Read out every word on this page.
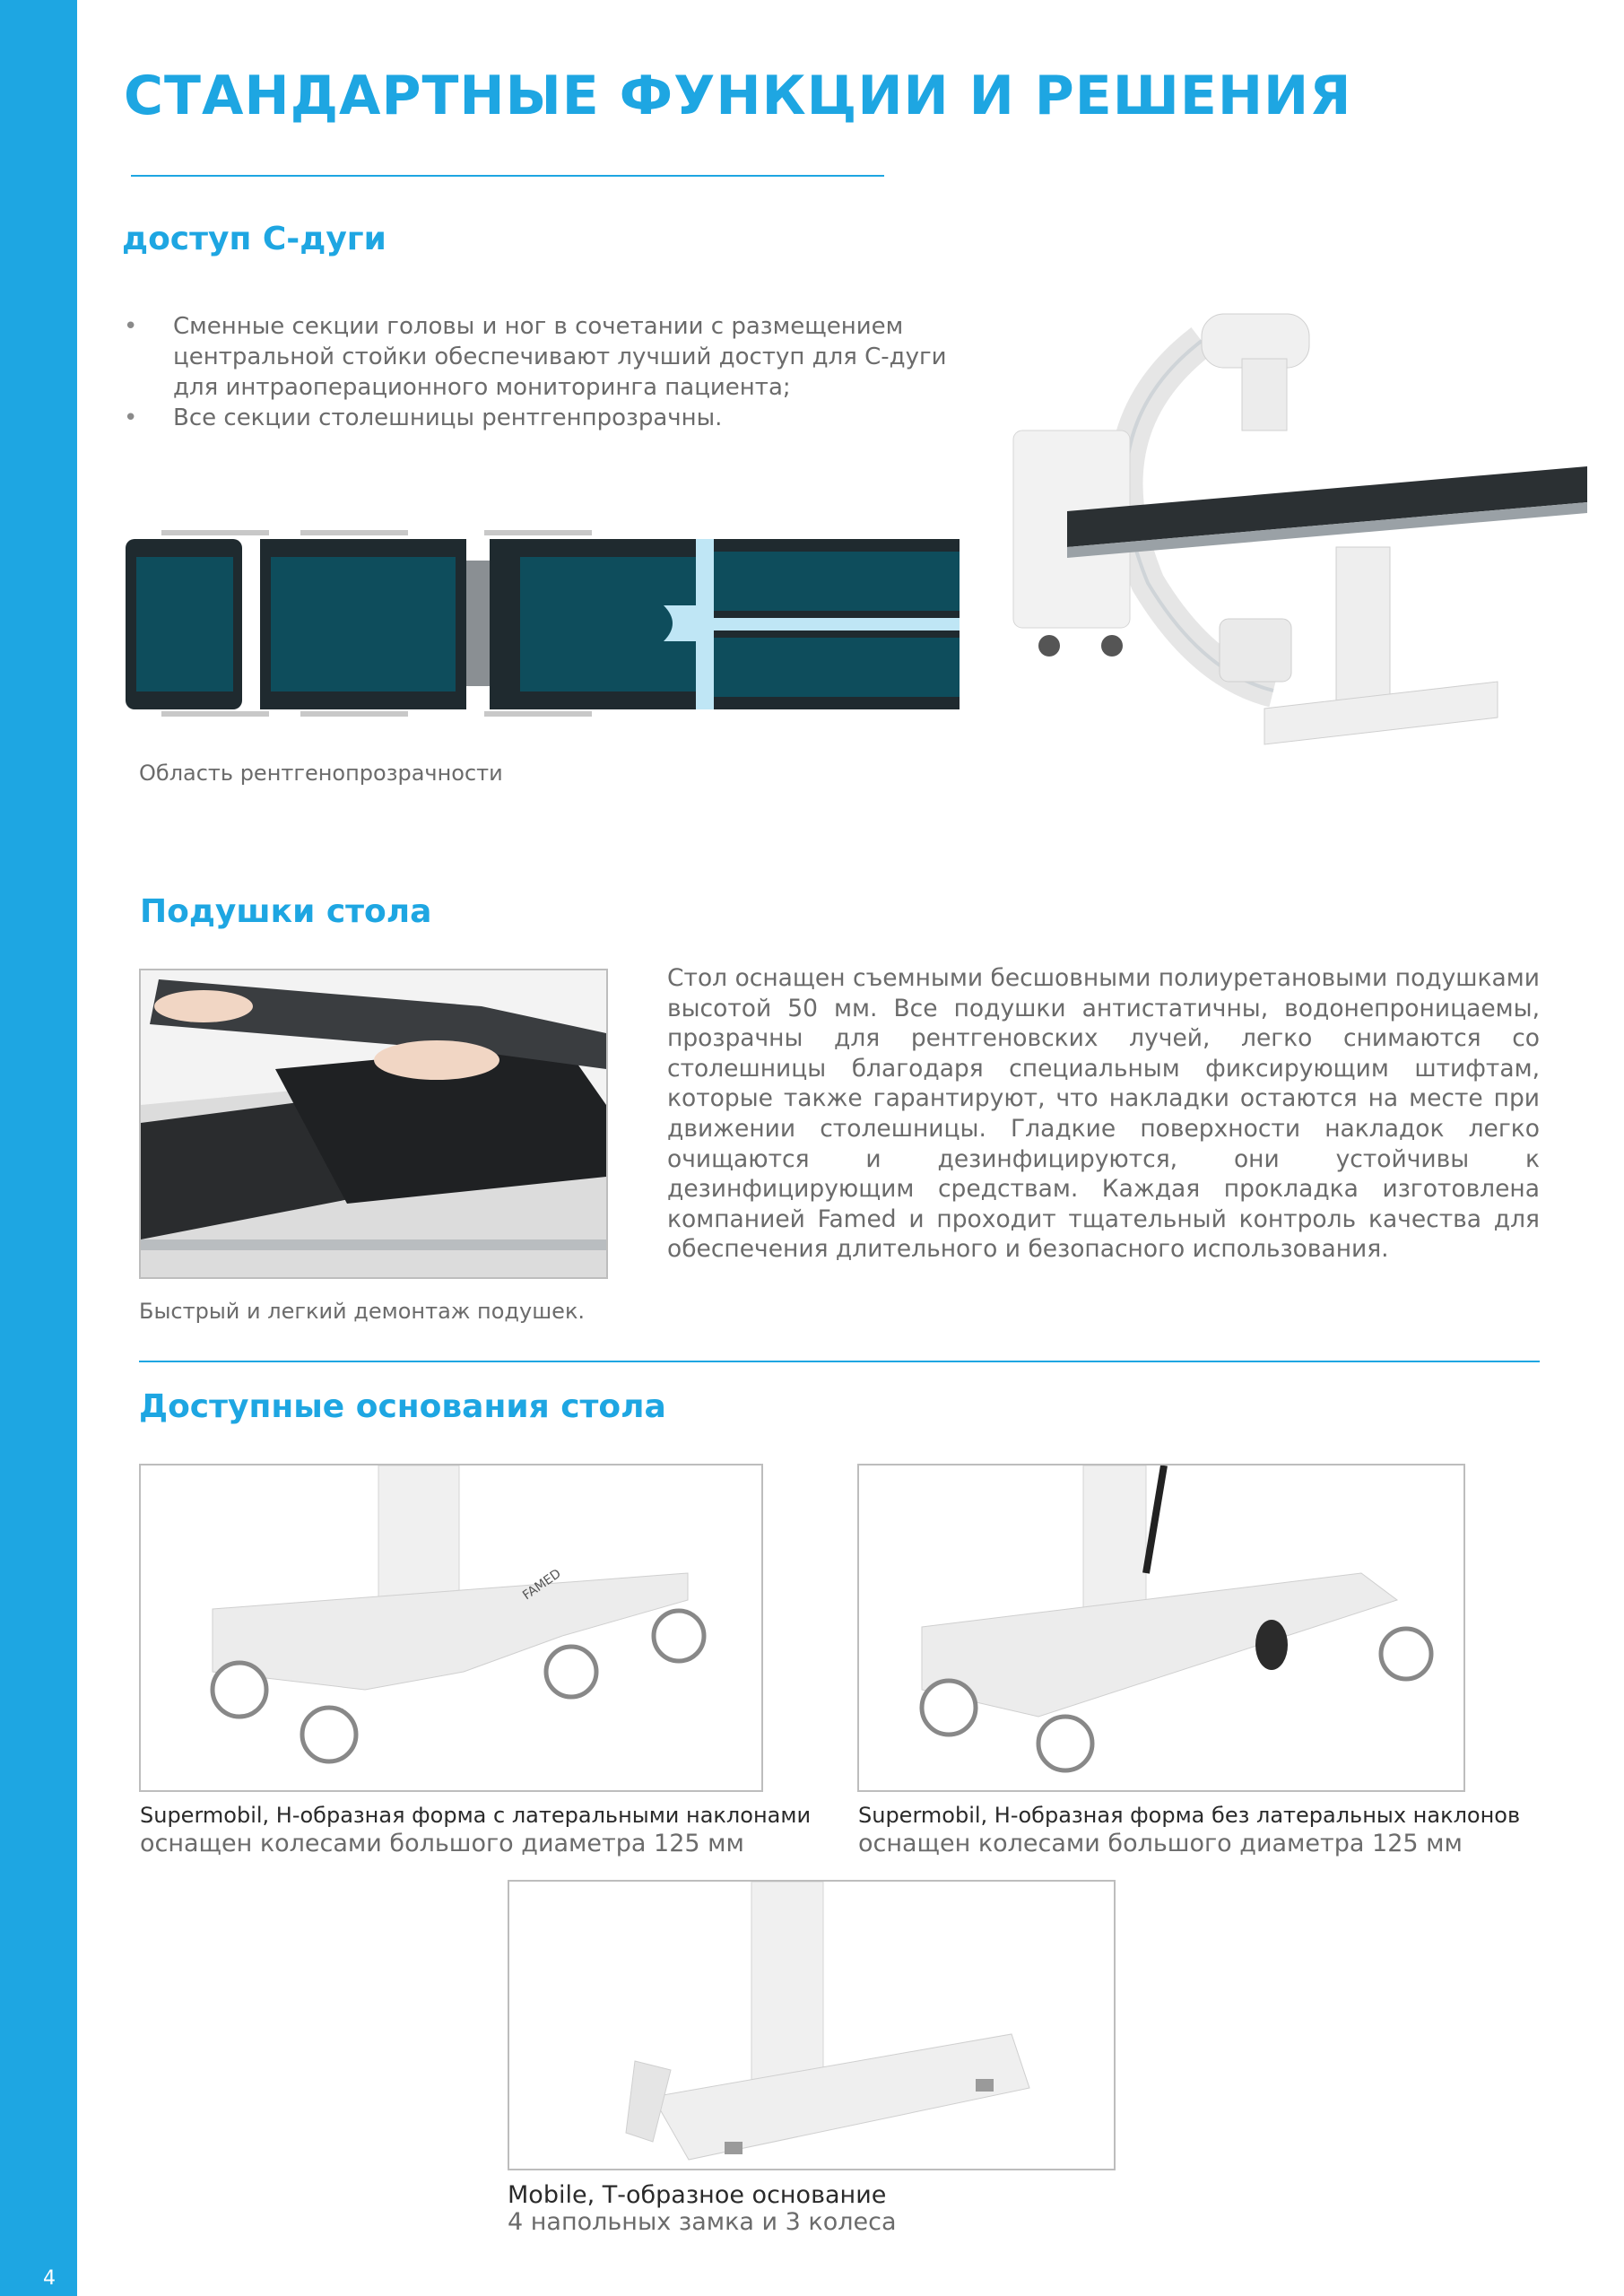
4
СТАНДАРТНЫЕ ФУНКЦИИ И РЕШЕНИЯ
доступ С-дуги
• Сменные секции головы и ног в сочетании с размещением центральной стойки обеспечивают лучший доступ для С-дуги для интраоперационного мониторинга пациента;
• Все секции столешницы рентгенпрозрачны.
Область рентгенопрозрачности
Подушки стола
Быстрый и легкий демонтаж подушек.
Стол оснащен съемными бесшовными полиуретановыми подушками высотой 50 мм. Все подушки антистатичны, водонепроницаемы, прозрачны для рентгеновских лучей, легко снимаются со столешницы благодаря специальным фиксирующим штифтам, которые также гарантируют, что накладки остаются на месте при движении столешницы. Гладкие поверхности накладок легко очищаются и дезинфицируются, они устойчивы к дезинфицирующим средствам. Каждая прокладка изготовлена компанией Famed и проходит тщательный контроль качества для обеспечения длительного и безопасного использования.
Доступные основания стола
FAMED
Supermobil, H-образная форма с латеральными наклонами
оснащен колесами большого диаметра 125 мм
Supermobil, H-образная форма без латеральных наклонов
оснащен колесами большого диаметра 125 мм
Mobile, Т-образное основание
4 напольных замка и 3 колеса
